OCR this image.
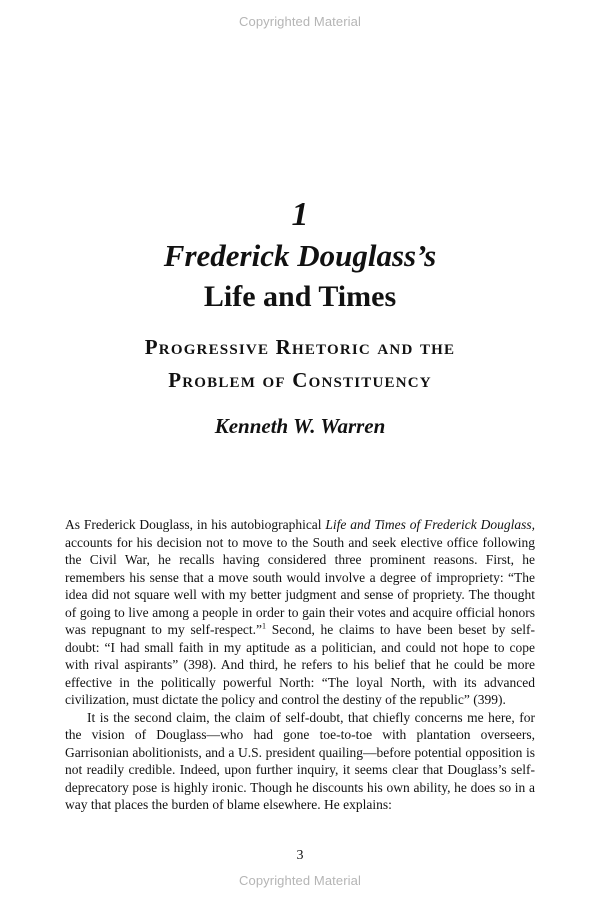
Copyrighted Material
1
Frederick Douglass’s
Life and Times
Progressive Rhetoric and the
Problem of Constituency
Kenneth W. Warren

As Frederick Douglass, in his autobiographical Life and Times of Frederick Douglass, accounts for his decision not to move to the South and seek elective office following the Civil War, he recalls having considered three prominent reasons. First, he remembers his sense that a move south would involve a degree of impropriety: “The idea did not square well with my better judgment and sense of propriety. The thought of going to live among a people in order to gain their votes and acquire official honors was repugnant to my self-respect.”$^1$ Second, he claims to have been beset by self-doubt: “I had small faith in my aptitude as a politician, and could not hope to cope with rival aspirants” (398). And third, he refers to his belief that he could be more effective in the politically powerful North: “The loyal North, with its advanced civilization, must dictate the policy and control the destiny of the republic” (399).

It is the second claim, the claim of self-doubt, that chiefly concerns me here, for the vision of Douglass—who had gone toe-to-toe with plantation overseers, Garrisonian abolitionists, and a U.S. president quailing—before potential opposition is not readily credible. Indeed, upon further inquiry, it seems clear that Douglass’s self-deprecatory pose is highly ironic. Though he discounts his own ability, he does so in a way that places the burden of blame elsewhere. He explains:

3
Copyrighted Material
